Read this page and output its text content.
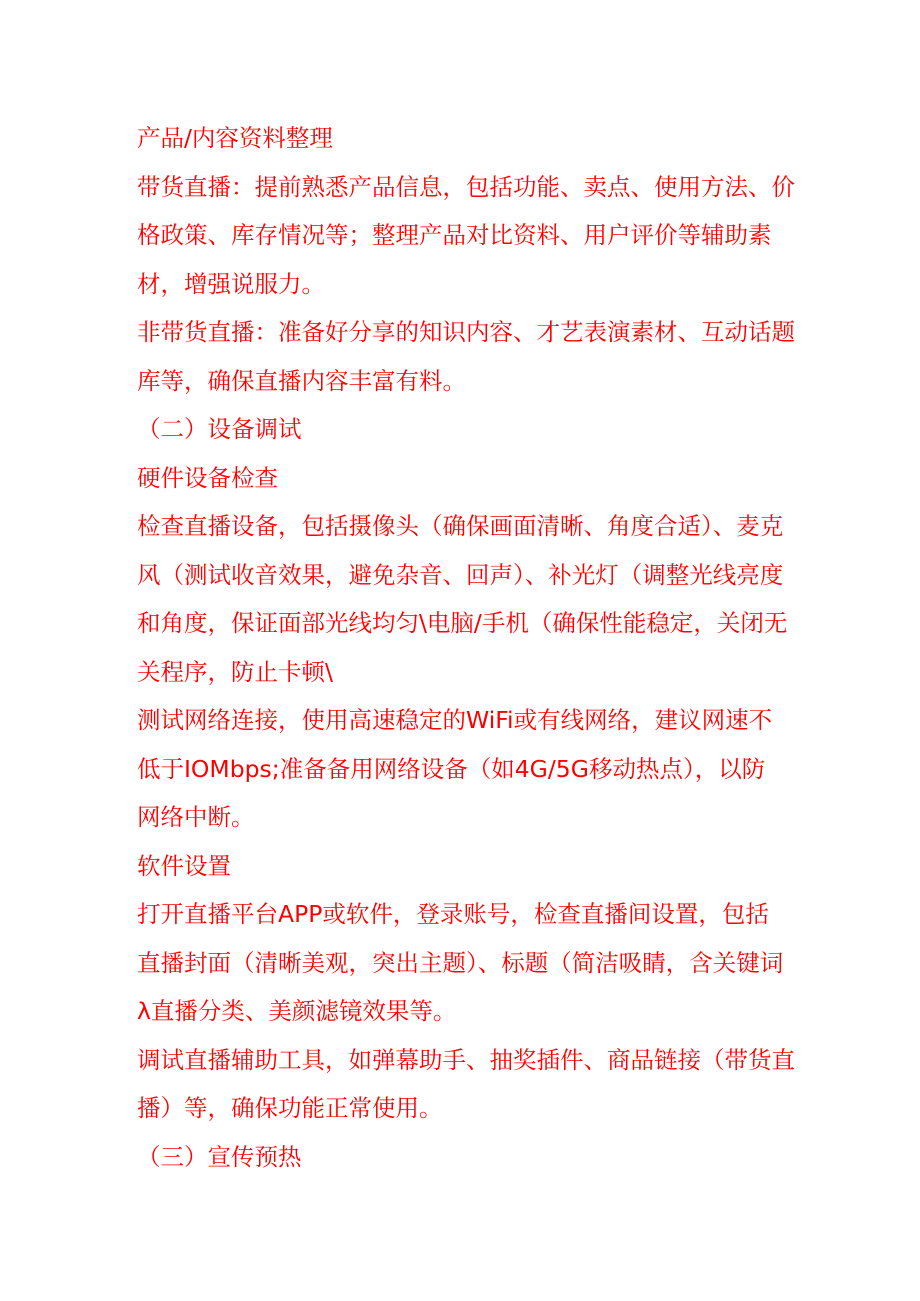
产品/内容资料整理
带货直播：提前熟悉产品信息，包括功能、卖点、使用方法、价
格政策、库存情况等；整理产品对比资料、用户评价等辅助素
材，增强说服力。
非带货直播：准备好分享的知识内容、才艺表演素材、互动话题
库等，确保直播内容丰富有料。
（二）设备调试
硬件设备检查
检查直播设备，包括摄像头（确保画面清晰、角度合适）、麦克
风（测试收音效果，避免杂音、回声）、补光灯（调整光线亮度
和角度，保证面部光线均匀\电脑/手机（确保性能稳定，关闭无
关程序，防止卡顿\
测试网络连接，使用高速稳定的WiFi或有线网络，建议网速不
低于IOMbps;准备备用网络设备（如4G/5G移动热点），以防
网络中断。
软件设置
打开直播平台APP或软件，登录账号，检查直播间设置，包括
直播封面（清晰美观，突出主题）、标题（简洁吸睛，含关键词
λ直播分类、美颜滤镜效果等。
调试直播辅助工具，如弹幕助手、抽奖插件、商品链接（带货直
播）等，确保功能正常使用。
（三）宣传预热
